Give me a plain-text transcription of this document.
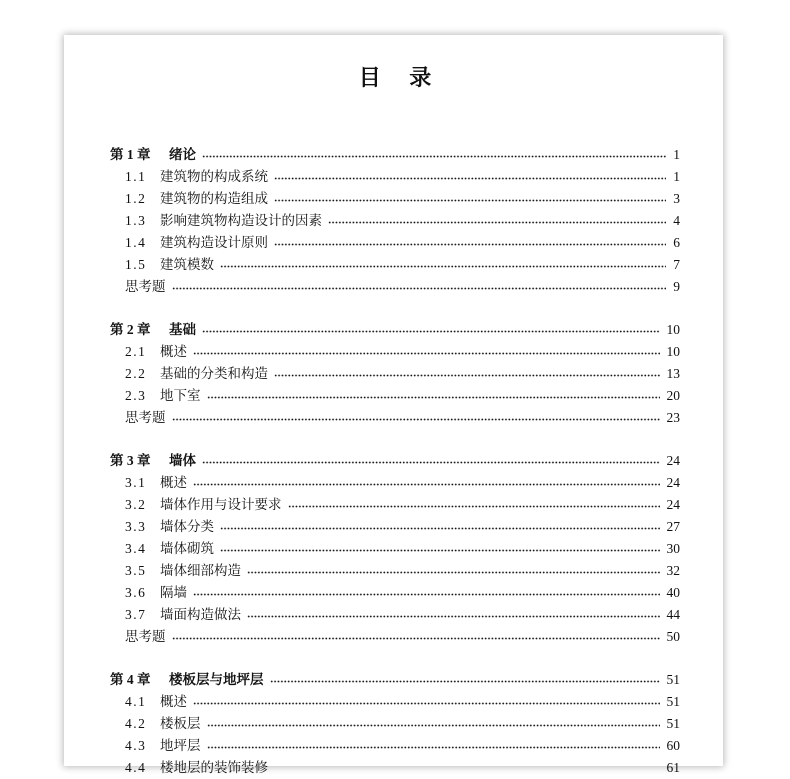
目 录
第 1 章	绪论	1
1.1	建筑物的构成系统	1
1.2	建筑物的构造组成	3
1.3	影响建筑物构造设计的因素	4
1.4	建筑构造设计原则	6
1.5	建筑模数	7
思考题	9
第 2 章	基础	10
2.1	概述	10
2.2	基础的分类和构造	13
2.3	地下室	20
思考题	23
第 3 章	墙体	24
3.1	概述	24
3.2	墙体作用与设计要求	24
3.3	墙体分类	27
3.4	墙体砌筑	30
3.5	墙体细部构造	32
3.6	隔墙	40
3.7	墙面构造做法	44
思考题	50
第 4 章	楼板层与地坪层	51
4.1	概述	51
4.2	楼板层	51
4.3	地坪层	60
4.4	楼地层的装饰装修	61
